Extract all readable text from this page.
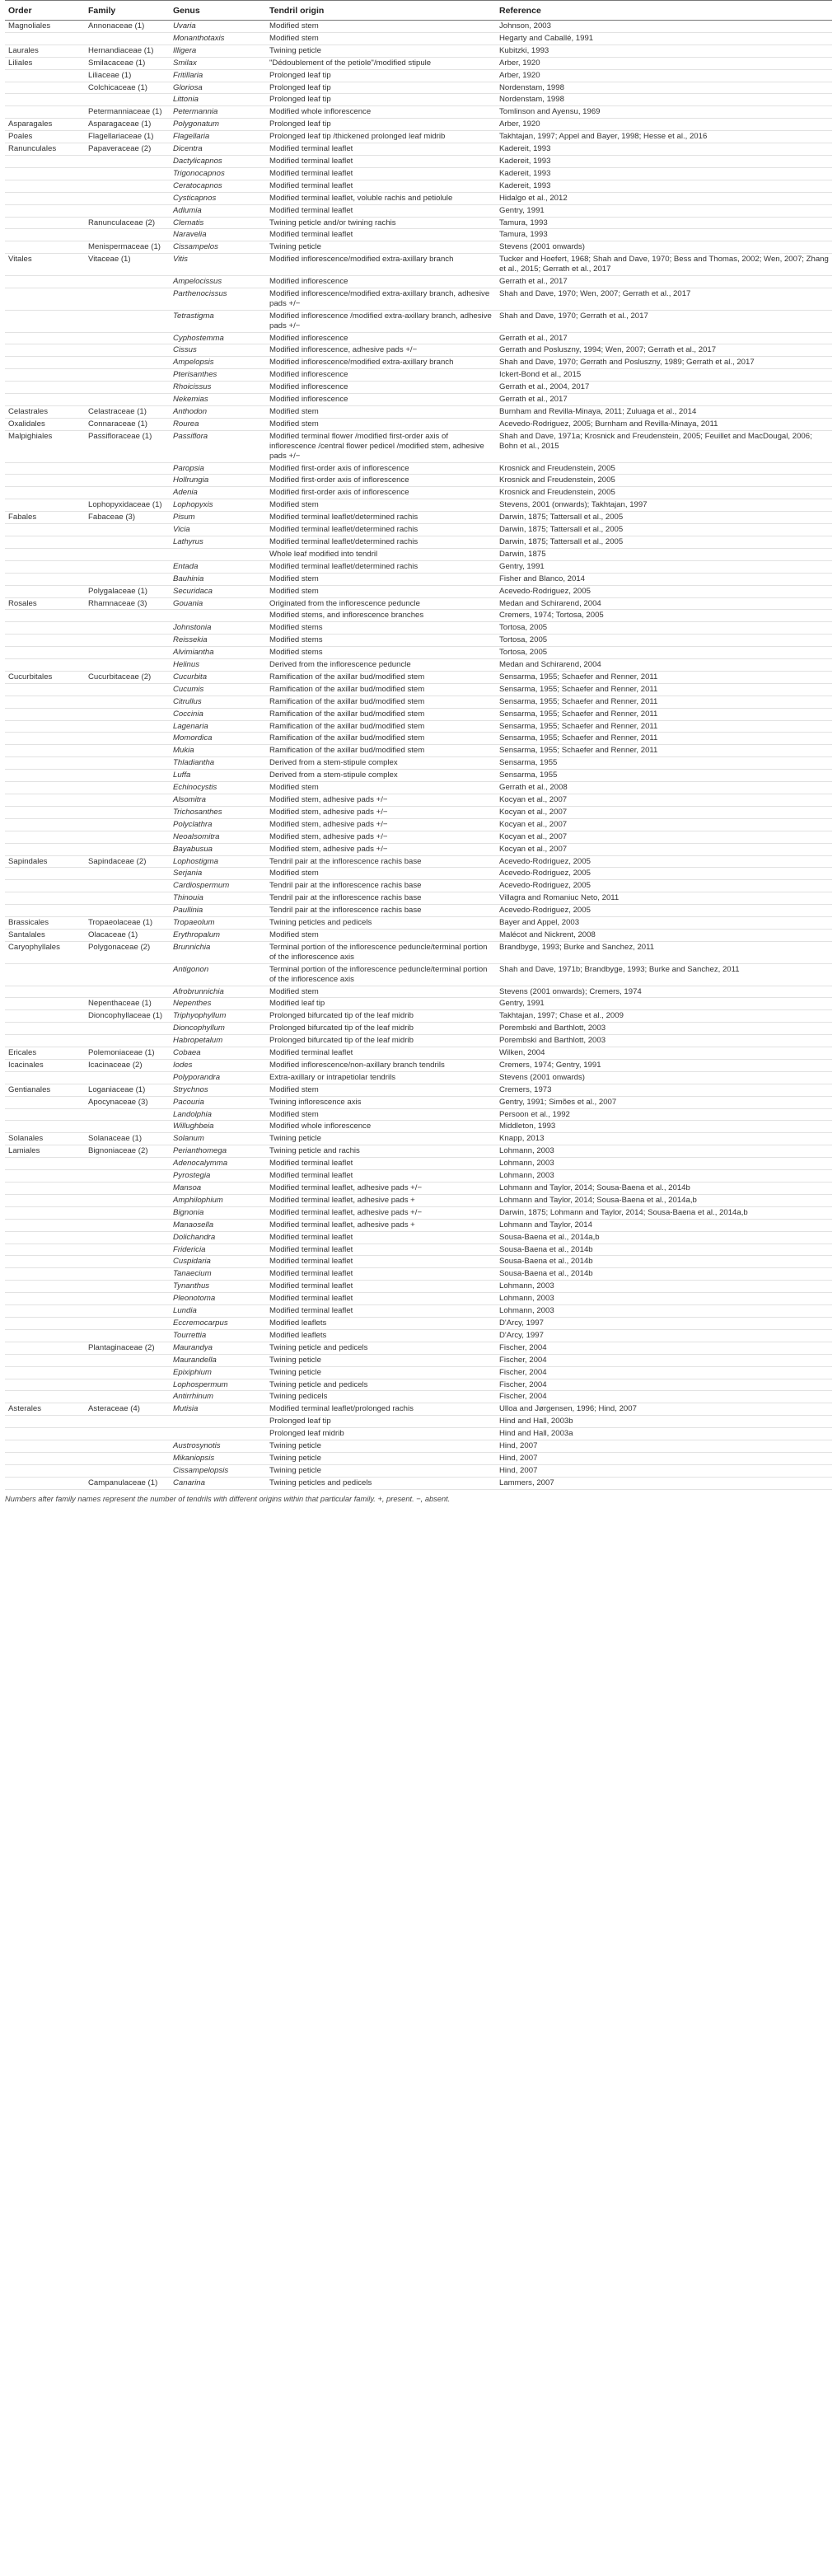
Order	Family	Genus	Tendril origin	Reference
Magnoliales	Annonaceae (1)	Uvaria	Modified stem	Johnson, 2003
		Monanthotaxis	Modified stem	Hegarty and Caballé, 1991
Laurales	Hernandiaceae (1)	Illigera	Twining peticle	Kubitzki, 1993
Liliales	Smilacaceae (1)	Smilax	"Dédoublement of the petiole"/modified stipule	Arber, 1920
	Liliaceae (1)	Fritillaria	Prolonged leaf tip	Arber, 1920
	Colchicaceae (1)	Gloriosa	Prolonged leaf tip	Nordenstam, 1998
		Littonia	Prolonged leaf tip	Nordenstam, 1998
	Petermanniaceae (1)	Petermannia	Modified whole inflorescence	Tomlinson and Ayensu, 1969
Asparagales	Asparagaceae (1)	Polygonatum	Prolonged leaf tip	Arber, 1920
Poales	Flagellariaceae (1)	Flagellaria	Prolonged leaf tip /thickened prolonged leaf midrib	Takhtajan, 1997; Appel and Bayer, 1998; Hesse et al., 2016
Ranunculales	Papaveraceae (2)	Dicentra	Modified terminal leaflet	Kadereit, 1993
		Dactylicapnos	Modified terminal leaflet	Kadereit, 1993
		Trigonocapnos	Modified terminal leaflet	Kadereit, 1993
		Ceratocapnos	Modified terminal leaflet	Kadereit, 1993
		Cysticapnos	Modified terminal leaflet, voluble rachis and petiolule	Hidalgo et al., 2012
		Adlumia	Modified terminal leaflet	Gentry, 1991
	Ranunculaceae (2)	Clematis	Twining peticle and/or twining rachis	Tamura, 1993
		Naravelia	Modified terminal leaflet	Tamura, 1993
	Menispermaceae (1)	Cissampelos	Twining peticle	Stevens (2001 onwards)
Vitales	Vitaceae (1)	Vitis	Modified inflorescence/modified extra-axillary branch	Tucker and Hoefert, 1968; Shah and Dave, 1970; Bess and Thomas, 2002; Wen, 2007; Zhang et al., 2015; Gerrath et al., 2017
		Ampelocissus	Modified inflorescence	Gerrath et al., 2017
		Parthenocissus	Modified inflorescence/modified extra-axillary branch, adhesive pads +/−	Shah and Dave, 1970; Wen, 2007; Gerrath et al., 2017
		Tetrastigma	Modified inflorescence /modified extra-axillary branch, adhesive pads +/−	Shah and Dave, 1970; Gerrath et al., 2017
		Cyphostemma	Modified inflorescence	Gerrath et al., 2017
		Cissus	Modified inflorescence, adhesive pads +/−	Gerrath and Posluszny, 1994; Wen, 2007; Gerrath et al., 2017
		Ampelopsis	Modified inflorescence/modified extra-axillary branch	Shah and Dave, 1970; Gerrath and Posluszny, 1989; Gerrath et al., 2017
		Pterisanthes	Modified inflorescence	Ickert-Bond et al., 2015
		Rhoicissus	Modified inflorescence	Gerrath et al., 2004, 2017
		Nekemias	Modified inflorescence	Gerrath et al., 2017
Celastrales	Celastraceae (1)	Anthodon	Modified stem	Burnham and Revilla-Minaya, 2011; Zuluaga et al., 2014
Oxalidales	Connaraceae (1)	Rourea	Modified stem	Acevedo-Rodriguez, 2005; Burnham and Revilla-Minaya, 2011
Malpighiales	Passifloraceae (1)	Passiflora	Modified terminal flower /modified first-order axis of inflorescence /central flower pedicel /modified stem, adhesive pads +/−	Shah and Dave, 1971a; Krosnick and Freudenstein, 2005; Feuillet and MacDougal, 2006; Bohn et al., 2015
		Paropsia	Modified first-order axis of inflorescence	Krosnick and Freudenstein, 2005
		Hollrungia	Modified first-order axis of inflorescence	Krosnick and Freudenstein, 2005
		Adenia	Modified first-order axis of inflorescence	Krosnick and Freudenstein, 2005
	Lophopyxidaceae (1)	Lophopyxis	Modified stem	Stevens, 2001 (onwards); Takhtajan, 1997
Fabales	Fabaceae (3)	Pisum	Modified terminal leaflet/determined rachis	Darwin, 1875; Tattersall et al., 2005
		Vicia	Modified terminal leaflet/determined rachis	Darwin, 1875; Tattersall et al., 2005
		Lathyrus	Modified terminal leaflet/determined rachis	Darwin, 1875; Tattersall et al., 2005
			Whole leaf modified into tendril	Darwin, 1875
		Entada	Modified terminal leaflet/determined rachis	Gentry, 1991
		Bauhinia	Modified stem	Fisher and Blanco, 2014
	Polygalaceae (1)	Securidaca	Modified stem	Acevedo-Rodriguez, 2005
Rosales	Rhamnaceae (3)	Gouania	Originated from the inflorescence peduncle	Medan and Schirarend, 2004
			Modified stems, and inflorescence branches	Cremers, 1974; Tortosa, 2005
		Johnstonia	Modified stems	Tortosa, 2005
		Reissekia	Modified stems	Tortosa, 2005
		Alvimiantha	Modified stems	Tortosa, 2005
		Helinus	Derived from the inflorescence peduncle	Medan and Schirarend, 2004
Cucurbitales	Cucurbitaceae (2)	Cucurbita	Ramification of the axillar bud/modified stem	Sensarma, 1955; Schaefer and Renner, 2011
		Cucumis	Ramification of the axillar bud/modified stem	Sensarma, 1955; Schaefer and Renner, 2011
		Citrullus	Ramification of the axillar bud/modified stem	Sensarma, 1955; Schaefer and Renner, 2011
		Coccinia	Ramification of the axillar bud/modified stem	Sensarma, 1955; Schaefer and Renner, 2011
		Lagenaria	Ramification of the axillar bud/modified stem	Sensarma, 1955; Schaefer and Renner, 2011
		Momordica	Ramification of the axillar bud/modified stem	Sensarma, 1955; Schaefer and Renner, 2011
		Mukia	Ramification of the axillar bud/modified stem	Sensarma, 1955; Schaefer and Renner, 2011
		Thladiantha	Derived from a stem-stipule complex	Sensarma, 1955
		Luffa	Derived from a stem-stipule complex	Sensarma, 1955
		Echinocystis	Modified stem	Gerrath et al., 2008
		Alsomitra	Modified stem, adhesive pads +/−	Kocyan et al., 2007
		Trichosanthes	Modified stem, adhesive pads +/−	Kocyan et al., 2007
		Polyclathra	Modified stem, adhesive pads +/−	Kocyan et al., 2007
		Neoalsomitra	Modified stem, adhesive pads +/−	Kocyan et al., 2007
		Bayabusua	Modified stem, adhesive pads +/−	Kocyan et al., 2007
Sapindales	Sapindaceae (2)	Lophostigma	Tendril pair at the inflorescence rachis base	Acevedo-Rodriguez, 2005
		Serjania	Modified stem	Acevedo-Rodriguez, 2005
		Cardiospermum	Tendril pair at the inflorescence rachis base	Acevedo-Rodriguez, 2005
		Thinouia	Tendril pair at the inflorescence rachis base	Villagra and Romaniuc Neto, 2011
		Paullinia	Tendril pair at the inflorescence rachis base	Acevedo-Rodriguez, 2005
Brassicales	Tropaeolaceae (1)	Tropaeolum	Twining peticles and pedicels	Bayer and Appel, 2003
Santalales	Olacaceae (1)	Erythropalum	Modified stem	Malécot and Nickrent, 2008
Caryophyllales	Polygonaceae (2)	Brunnichia	Terminal portion of the inflorescence peduncle/terminal portion of the inflorescence axis	Brandbyge, 1993; Burke and Sanchez, 2011
		Antigonon	Terminal portion of the inflorescence peduncle/terminal portion of the inflorescence axis	Shah and Dave, 1971b; Brandbyge, 1993; Burke and Sanchez, 2011
		Afrobrunnichia	Modified stem	Stevens (2001 onwards); Cremers, 1974
	Nepenthaceae (1)	Nepenthes	Modified leaf tip	Gentry, 1991
	Dioncophyllaceae (1)	Triphyophyllum	Prolonged bifurcated tip of the leaf midrib	Takhtajan, 1997; Chase et al., 2009
		Dioncophyllum	Prolonged bifurcated tip of the leaf midrib	Porembski and Barthlott, 2003
		Habropetalum	Prolonged bifurcated tip of the leaf midrib	Porembski and Barthlott, 2003
Ericales	Polemoniaceae (1)	Cobaea	Modified terminal leaflet	Wilken, 2004
Icacinales	Icacinaceae (2)	Iodes	Modified inflorescence/non-axillary branch tendrils	Cremers, 1974; Gentry, 1991
		Polyporandra	Extra-axillary or intrapetiolar tendrils	Stevens (2001 onwards)
Gentianales	Loganiaceae (1)	Strychnos	Modified stem	Cremers, 1973
	Apocynaceae (3)	Pacouria	Twining inflorescence axis	Gentry, 1991; Simões et al., 2007
		Landolphia	Modified stem	Persoon et al., 1992
		Willughbeia	Modified whole inflorescence	Middleton, 1993
Solanales	Solanaceae (1)	Solanum	Twining peticle	Knapp, 2013
Lamiales	Bignoniaceae (2)	Perianthomega	Twining peticle and rachis	Lohmann, 2003
		Adenocalymma	Modified terminal leaflet	Lohmann, 2003
		Pyrostegia	Modified terminal leaflet	Lohmann, 2003
		Mansoa	Modified terminal leaflet, adhesive pads +/−	Lohmann and Taylor, 2014; Sousa-Baena et al., 2014b
		Amphilophium	Modified terminal leaflet, adhesive pads +	Lohmann and Taylor, 2014; Sousa-Baena et al., 2014a,b
		Bignonia	Modified terminal leaflet, adhesive pads +/−	Darwin, 1875; Lohmann and Taylor, 2014; Sousa-Baena et al., 2014a,b
		Manaosella	Modified terminal leaflet, adhesive pads +	Lohmann and Taylor, 2014
		Dolichandra	Modified terminal leaflet	Sousa-Baena et al., 2014a,b
		Fridericia	Modified terminal leaflet	Sousa-Baena et al., 2014b
		Cuspidaria	Modified terminal leaflet	Sousa-Baena et al., 2014b
		Tanaecium	Modified terminal leaflet	Sousa-Baena et al., 2014b
		Tynanthus	Modified terminal leaflet	Lohmann, 2003
		Pleonotoma	Modified terminal leaflet	Lohmann, 2003
		Lundia	Modified terminal leaflet	Lohmann, 2003
		Eccremocarpus	Modified leaflets	D'Arcy, 1997
		Tourrettia	Modified leaflets	D'Arcy, 1997
	Plantaginaceae (2)	Maurandya	Twining peticle and pedicels	Fischer, 2004
		Maurandella	Twining peticle	Fischer, 2004
		Epixiphium	Twining peticle	Fischer, 2004
		Lophospermum	Twining peticle and pedicels	Fischer, 2004
		Antirrhinum	Twining pedicels	Fischer, 2004
Asterales	Asteraceae (4)	Mutisia	Modified terminal leaflet/prolonged rachis	Ulloa and Jørgensen, 1996; Hind, 2007
			Prolonged leaf tip	Hind and Hall, 2003b
			Prolonged leaf midrib	Hind and Hall, 2003a
		Austrosynotis	Twining peticle	Hind, 2007
		Mikaniopsis	Twining peticle	Hind, 2007
		Cissampelopsis	Twining peticle	Hind, 2007
	Campanulaceae (1)	Canarina	Twining peticles and pedicels	Lammers, 2007
Numbers after family names represent the number of tendrils with different origins within that particular family. +, present. −, absent.
